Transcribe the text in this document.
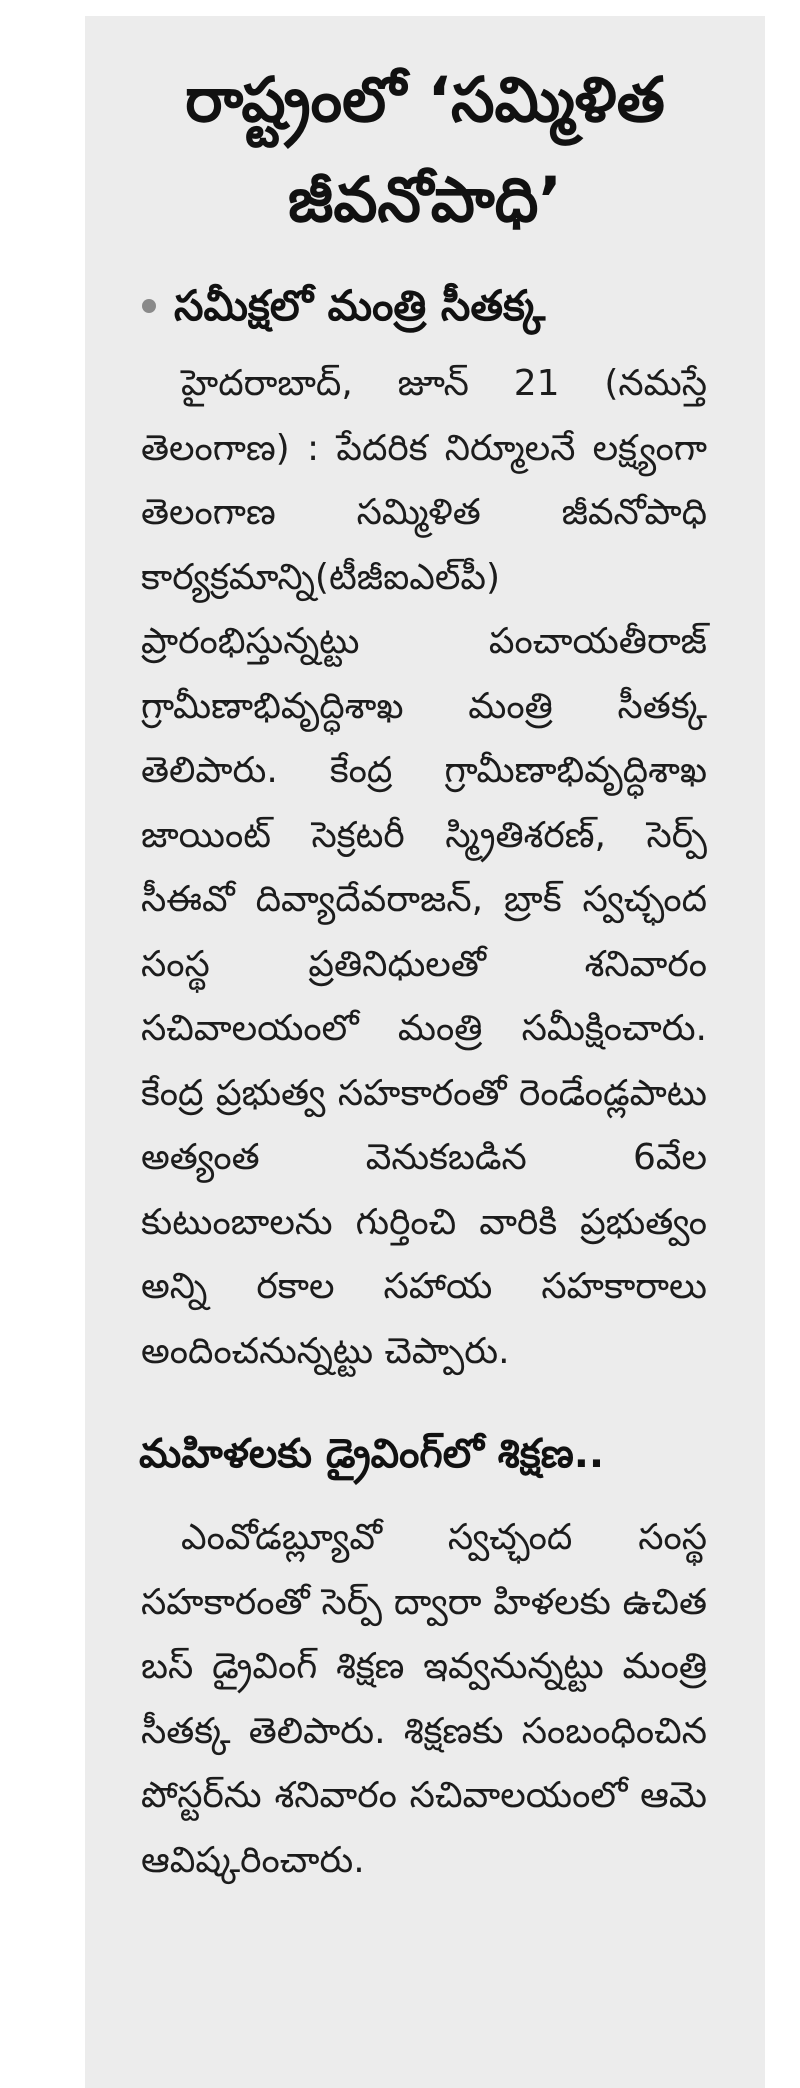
రాష్ట్రంలో ‘సమ్మిళిత
జీవనోపాధి’
సమీక్షలో మంత్రి సీతక్క
హైదరాబాద్, జూన్ 21 (నమస్తే తెలంగాణ) : పేదరిక నిర్మూలనే లక్ష్యంగా తెలంగాణ సమ్మిళిత జీవనోపాధి కార్యక్రమాన్ని(టీజీఐఎల్‌పీ) ప్రారంభిస్తున్నట్టు పంచాయతీరాజ్ గ్రామీణాభివృద్ధిశాఖ మంత్రి సీతక్క తెలిపారు. కేంద్ర గ్రామీణాభివృద్ధిశాఖ జాయింట్ సెక్రటరీ స్మ్రితిశరణ్, సెర్ప్ సీఈవో దివ్యాదేవరాజన్, బ్రాక్ స్వచ్ఛంద సంస్థ ప్రతినిధులతో శనివారం సచివాలయంలో మంత్రి సమీక్షించారు. కేంద్ర ప్రభుత్వ సహకారంతో రెండేండ్లపాటు అత్యంత వెనుకబడిన 6వేల కుటుంబాలను గుర్తించి వారికి ప్రభుత్వం అన్ని రకాల సహాయ సహకారాలు అందించనున్నట్టు చెప్పారు.
మహిళలకు డ్రైవింగ్‌లో శిక్షణ..
ఎంవోడబ్ల్యూవో స్వచ్ఛంద సంస్థ సహకారంతో సెర్ప్ ద్వారా హిళలకు ఉచిత బస్ డ్రైవింగ్ శిక్షణ ఇవ్వనున్నట్టు మంత్రి సీతక్క తెలిపారు. శిక్షణకు సంబంధించిన పోస్టర్‌ను శనివారం సచివాలయంలో ఆమె ఆవిష్కరించారు.
